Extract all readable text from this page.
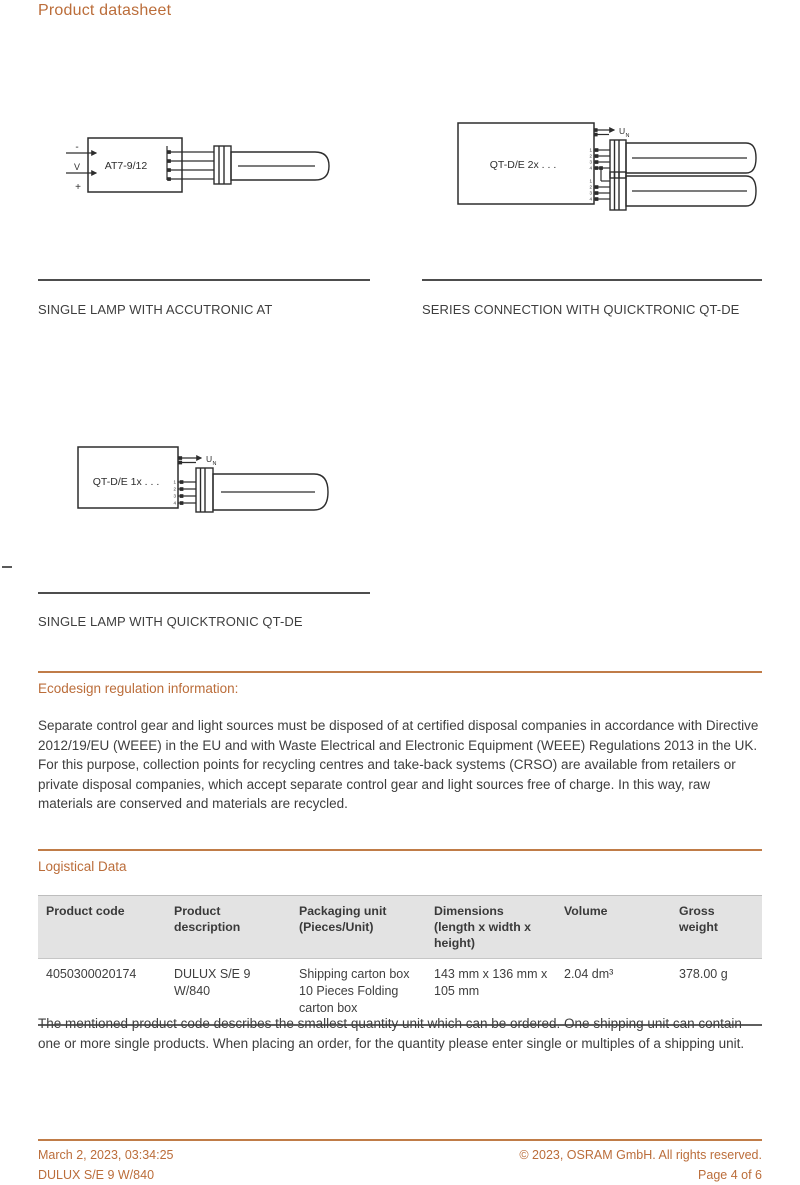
Product datasheet
-
V
+
AT7-9/12	QT-D/E 2x . . .
U N
1
2
3
4
1
2
3
4
SINGLE LAMP WITH ACCUTRONIC AT	SERIES CONNECTION WITH QUICKTRONIC QT-DE
QT-D/E 1x . . .
U N
1
2
3
4
SINGLE LAMP WITH QUICKTRONIC QT-DE
Ecodesign regulation information:
Separate control gear and light sources must be disposed of at certified disposal companies in accordance with Directive 2012/19/EU (WEEE) in the EU and with Waste Electrical and Electronic Equipment (WEEE) Regulations 2013 in the UK. For this purpose, collection points for recycling centres and take-back systems (CRSO) are available from retailers or private disposal companies, which accept separate control gear and light sources free of charge. In this way, raw materials are conserved and materials are recycled.
Logistical Data
Product code	Product description	Packaging unit (Pieces/Unit)	Dimensions (length x width x height)	Volume	Gross weight
4050300020174	DULUX S/E 9 W/840	Shipping carton box 10 Pieces Folding carton box	143 mm x 136 mm x 105 mm	2.04 dm³	378.00 g
The mentioned product code describes the smallest quantity unit which can be ordered. One shipping unit can contain one or more single products. When placing an order, for the quantity please enter single or multiples of a shipping unit.
March 2, 2023, 03:34:25
DULUX S/E 9 W/840
© 2023, OSRAM GmbH. All rights reserved.
Page 4 of 6
